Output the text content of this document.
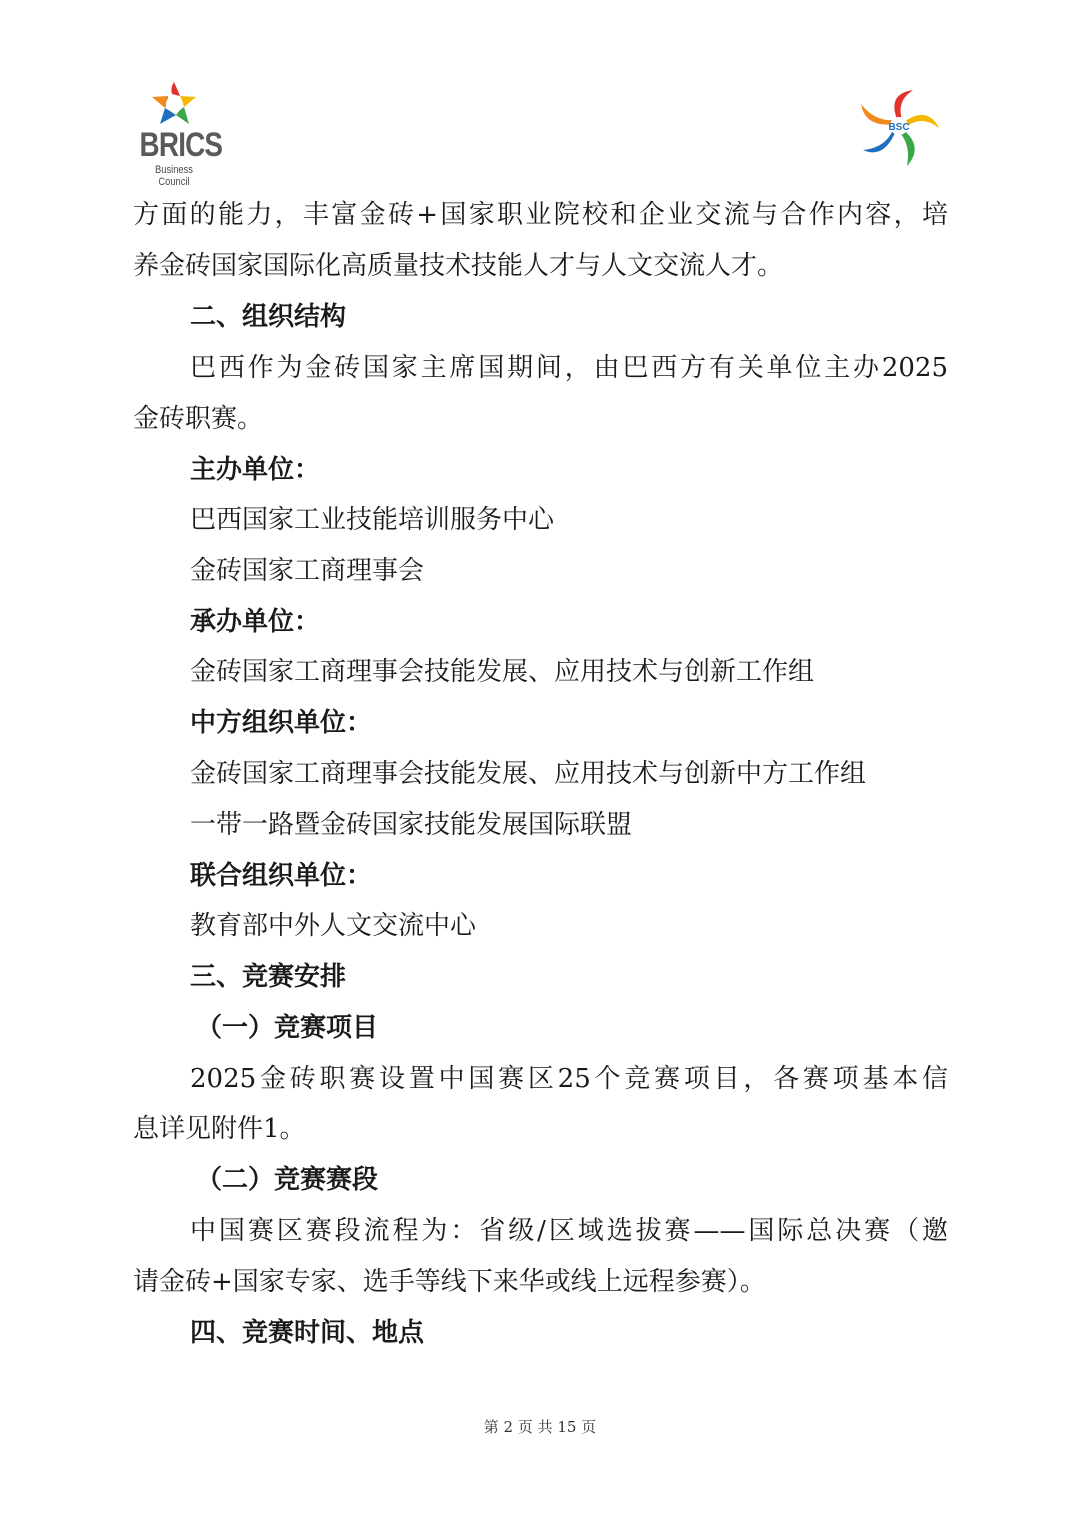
BRICS
Business Council
BSC
方面的能力，丰富金砖+国家职业院校和企业交流与合作内容，培
养金砖国家国际化高质量技术技能人才与人文交流人才。
二、组织结构
巴西作为金砖国家主席国期间，由巴西方有关单位主办2025
金砖职赛。
主办单位：
巴西国家工业技能培训服务中心
金砖国家工商理事会
承办单位：
金砖国家工商理事会技能发展、应用技术与创新工作组
中方组织单位：
金砖国家工商理事会技能发展、应用技术与创新中方工作组
一带一路暨金砖国家技能发展国际联盟
联合组织单位：
教育部中外人文交流中心
三、竞赛安排
（一）竞赛项目
2025金砖职赛设置中国赛区25个竞赛项目，各赛项基本信
息详见附件1。
（二）竞赛赛段
中国赛区赛段流程为：省级/区域选拔赛——国际总决赛（邀
请金砖+国家专家、选手等线下来华或线上远程参赛）。
四、竞赛时间、地点
第 2 页 共 15 页
